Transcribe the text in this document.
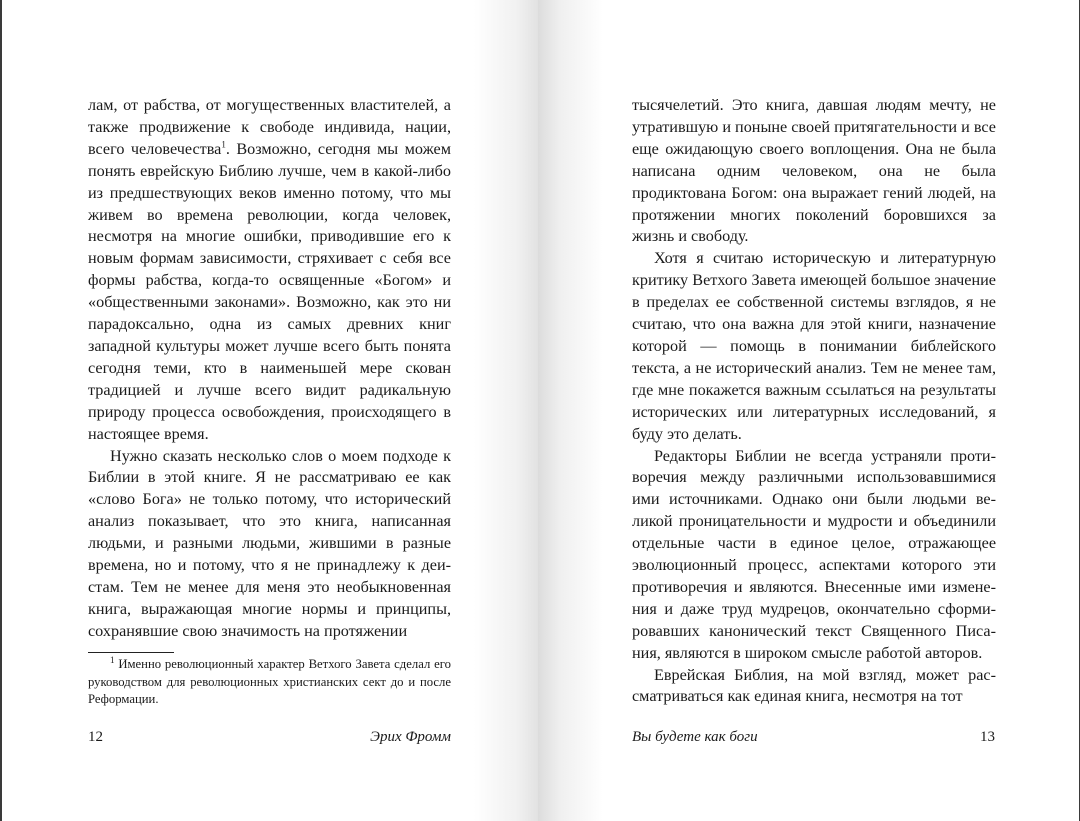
лам, от рабства, от могущественных властителей, а также продвижение к свободе индивида, нации, всего человечества$^1$. Возможно, сегодня мы можем понять еврейскую Библию лучше, чем в какой-либо из предшествующих веков именно потому, что мы живем во времена революции, когда человек, несмотря на многие ошибки, приводившие его к новым формам зависимости, стряхивает с себя все формы рабства, когда-то освященные «Богом» и «общественными законами». Возможно, как это ни парадоксально, одна из самых древних книг западной культуры может лучше всего быть понята сегодня теми, кто в наименьшей мере скован традицией и лучше всего видит радикальную природу процесса освобождения, происходящего в настоящее время.

Нужно сказать несколько слов о моем подходе к Библии в этой книге. Я не рассматриваю ее как «слово Бога» не только потому, что исторический анализ показывает, что это книга, написанная людьми, и разными людьми, жившими в разные времена, но и потому, что я не принадлежу к деистам. Тем не менее для меня это необыкновенная книга, выражающая многие нормы и принципы, сохранявшие свою значимость на протяжении

$^1$ Именно революционный характер Ветхого Завета сделал его руководством для революционных христианских сект до и после Реформации.

12	Эрих Фромм

тысячелетий. Это книга, давшая людям мечту, не утратившую и поныне своей притягательности и все еще ожидающую своего воплощения. Она не была написана одним человеком, она не была продиктована Богом: она выражает гений людей, на протяжении многих поколений боровшихся за жизнь и свободу.

Хотя я считаю историческую и литературную критику Ветхого Завета имеющей большое значение в пределах ее собственной системы взглядов, я не считаю, что она важна для этой книги, назначение которой — помощь в понимании библейского текста, а не исторический анализ. Тем не менее там, где мне покажется важным ссылаться на результаты исторических или литературных исследований, я буду это делать.

Редакторы Библии не всегда устраняли противоречия между различными использовавшимися ими источниками. Однако они были людьми великой проницательности и мудрости и объединили отдельные части в единое целое, отражающее эволюционный процесс, аспектами которого эти противоречия и являются. Внесенные ими изменения и даже труд мудрецов, окончательно сформировавших канонический текст Священного Писания, являются в широком смысле работой авторов.

Еврейская Библия, на мой взгляд, может рассматриваться как единая книга, несмотря на тот

Вы будете как боги	13
